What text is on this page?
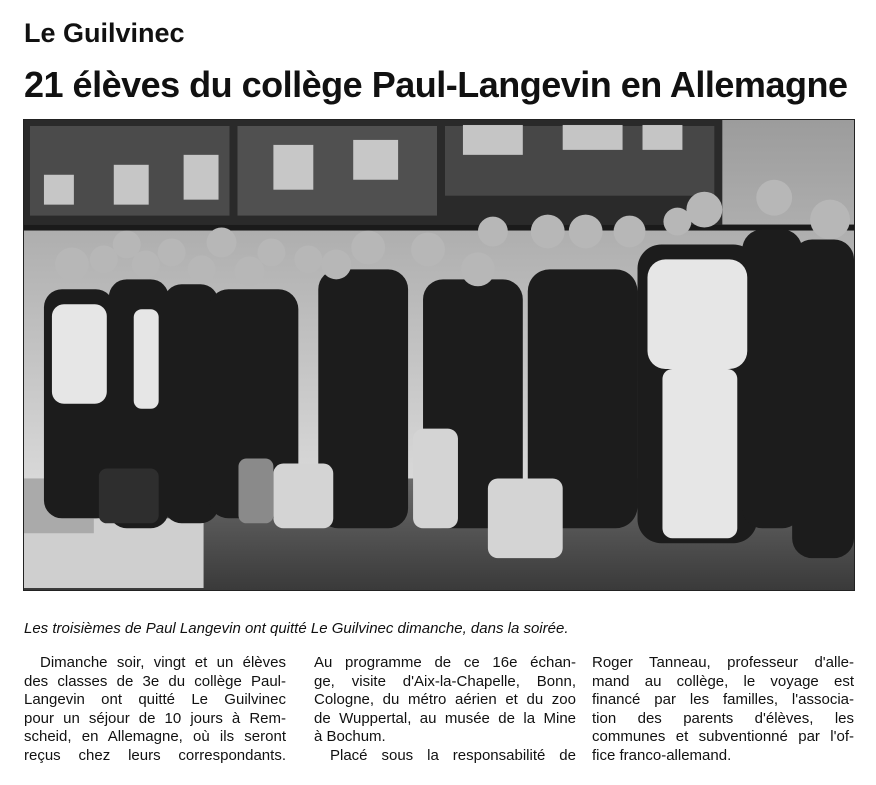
Le Guilvinec
21 élèves du collège Paul-Langevin en Allemagne

Les troisièmes de Paul Langevin ont quitté Le Guilvinec dimanche, dans la soirée.

Dimanche soir, vingt et un élèves
des classes de 3e du collège Paul-
Langevin ont quitté Le Guilvinec
pour un séjour de 10 jours à Rem-
scheid, en Allemagne, où ils seront
reçus chez leurs correspondants.
Au programme de ce 16e échan-
ge, visite d'Aix-la-Chapelle, Bonn,
Cologne, du métro aérien et du zoo
de Wuppertal, au musée de la Mine
à Bochum.
Placé sous la responsabilité de
Roger Tanneau, professeur d'alle-
mand au collège, le voyage est
financé par les familles, l'associa-
tion des parents d'élèves, les
communes et subventionné par l'of-
fice franco-allemand.
